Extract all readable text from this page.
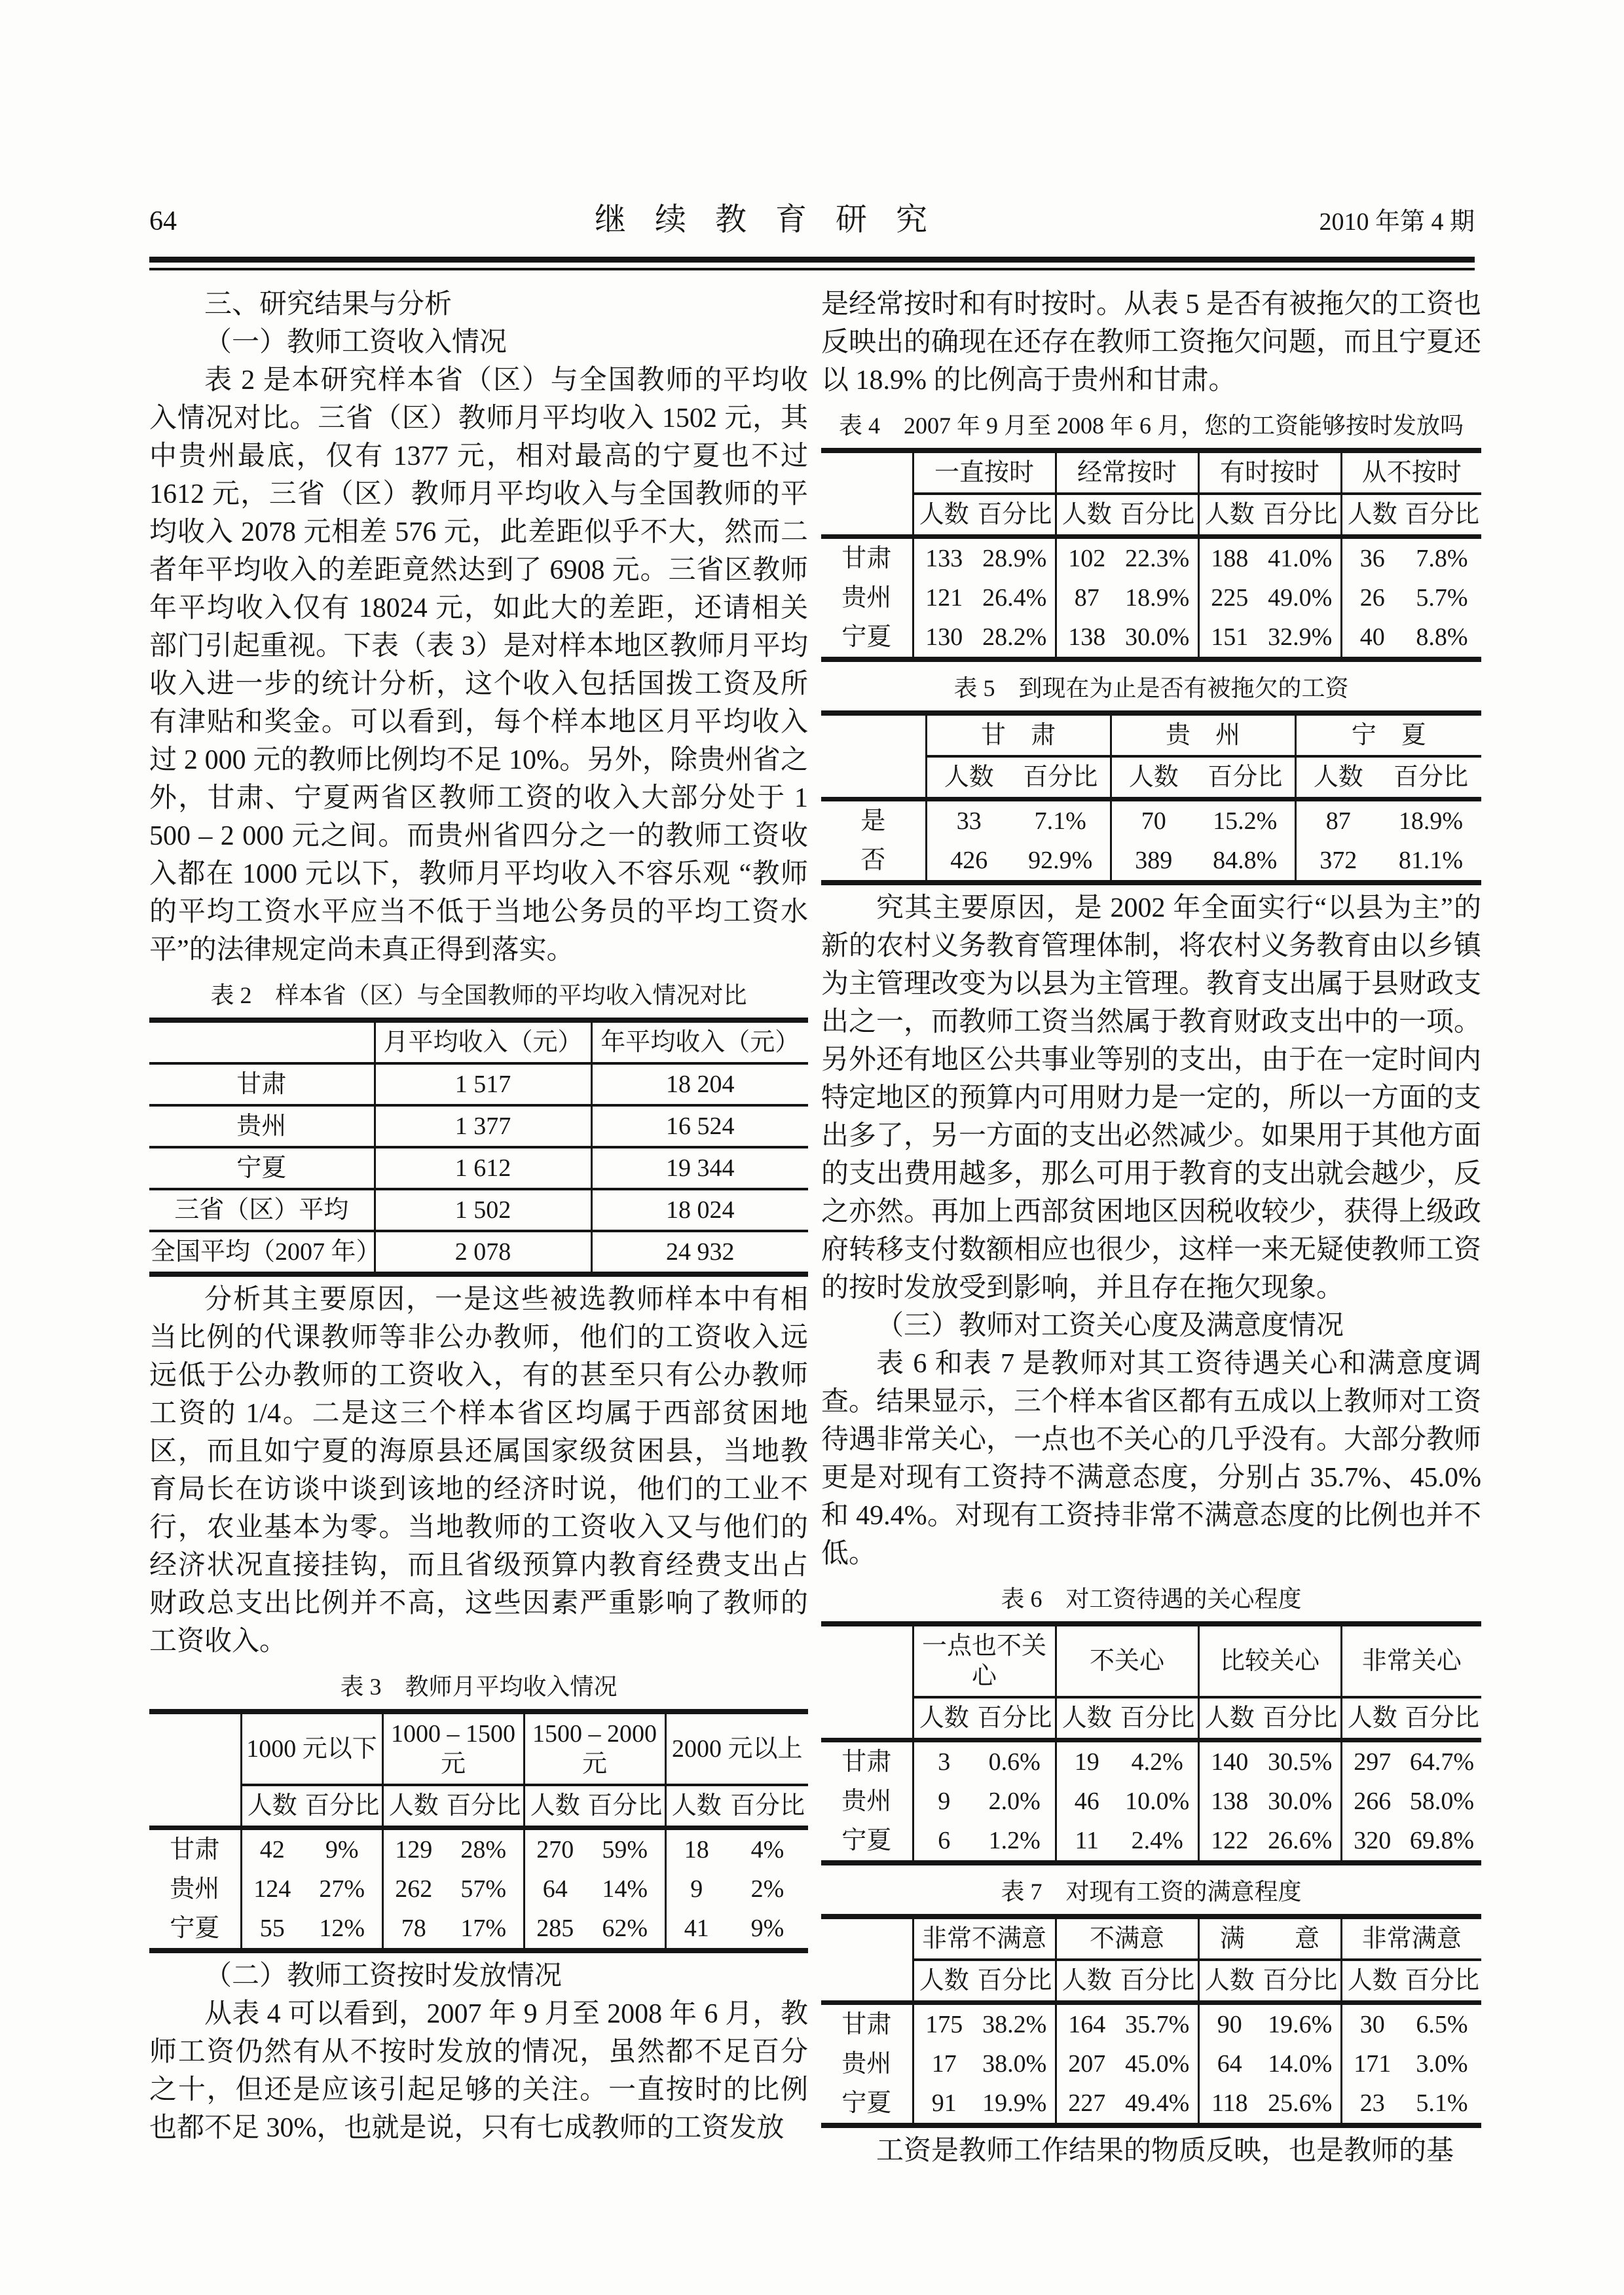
64	继 续 教 育 研 究	2010 年第 4 期

三、研究结果与分析

（一）教师工资收入情况

表 2 是本研究样本省（区）与全国教师的平均收入情况对比。三省（区）教师月平均收入 1502 元，其中贵州最底，仅有 1377 元，相对最高的宁夏也不过 1612 元，三省（区）教师月平均收入与全国教师的平均收入 2078 元相差 576 元，此差距似乎不大，然而二者年平均收入的差距竟然达到了 6908 元。三省区教师年平均收入仅有 18024 元，如此大的差距，还请相关部门引起重视。下表（表 3）是对样本地区教师月平均收入进一步的统计分析，这个收入包括国拨工资及所有津贴和奖金。可以看到，每个样本地区月平均收入过 2 000 元的教师比例均不足 10%。另外，除贵州省之外，甘肃、宁夏两省区教师工资的收入大部分处于 1 500 – 2 000 元之间。而贵州省四分之一的教师工资收入都在 1000 元以下，教师月平均收入不容乐观 “教师的平均工资水平应当不低于当地公务员的平均工资水平”的法律规定尚未真正得到落实。

表 2　样本省（区）与全国教师的平均收入情况对比
	月平均收入（元）	年平均收入（元）
甘肃	1 517	18 204
贵州	1 377	16 524
宁夏	1 612	19 344
三省（区）平均	1 502	18 024
全国平均（2007 年）	2 078	24 932

分析其主要原因，一是这些被选教师样本中有相当比例的代课教师等非公办教师，他们的工资收入远远低于公办教师的工资收入，有的甚至只有公办教师工资的 1/4。二是这三个样本省区均属于西部贫困地区，而且如宁夏的海原县还属国家级贫困县，当地教育局长在访谈中谈到该地的经济时说，他们的工业不行，农业基本为零。当地教师的工资收入又与他们的经济状况直接挂钩，而且省级预算内教育经费支出占财政总支出比例并不高，这些因素严重影响了教师的工资收入。

表 3　教师月平均收入情况
	1000 元以下		1000 – 1500 元		1500 – 2000 元		2000 元以上	
	人数	百分比	人数	百分比	人数	百分比	人数	百分比
甘肃	42	9%	129	28%	270	59%	18	4%
贵州	124	27%	262	57%	64	14%	9	2%
宁夏	55	12%	78	17%	285	62%	41	9%

（二）教师工资按时发放情况

从表 4 可以看到，2007 年 9 月至 2008 年 6 月，教师工资仍然有从不按时发放的情况，虽然都不足百分之十，但还是应该引起足够的关注。一直按时的比例也都不足 30%，也就是说，只有七成教师的工资发放

是经常按时和有时按时。从表 5 是否有被拖欠的工资也反映出的确现在还存在教师工资拖欠问题，而且宁夏还以 18.9% 的比例高于贵州和甘肃。

表 4　2007 年 9 月至 2008 年 6 月，您的工资能够按时发放吗
	一直按时		经常按时		有时按时		从不按时	
	人数	百分比	人数	百分比	人数	百分比	人数	百分比
甘肃	133	28.9%	102	22.3%	188	41.0%	36	7.8%
贵州	121	26.4%	87	18.9%	225	49.0%	26	5.7%
宁夏	130	28.2%	138	30.0%	151	32.9%	40	8.8%
表 5　到现在为止是否有被拖欠的工资
	甘　肃		贵　州		宁　夏	
	人数	百分比	人数	百分比	人数	百分比
是	33	7.1%	70	15.2%	87	18.9%
否	426	92.9%	389	84.8%	372	81.1%

究其主要原因，是 2002 年全面实行“以县为主”的新的农村义务教育管理体制，将农村义务教育由以乡镇为主管理改变为以县为主管理。教育支出属于县财政支出之一，而教师工资当然属于教育财政支出中的一项。另外还有地区公共事业等别的支出，由于在一定时间内特定地区的预算内可用财力是一定的，所以一方面的支出多了，另一方面的支出必然减少。如果用于其他方面的支出费用越多，那么可用于教育的支出就会越少，反之亦然。再加上西部贫困地区因税收较少，获得上级政府转移支付数额相应也很少，这样一来无疑使教师工资的按时发放受到影响，并且存在拖欠现象。

（三）教师对工资关心度及满意度情况

表 6 和表 7 是教师对其工资待遇关心和满意度调查。结果显示，三个样本省区都有五成以上教师对工资待遇非常关心，一点也不关心的几乎没有。大部分教师更是对现有工资持不满意态度，分别占 35.7%、45.0% 和 49.4%。对现有工资持非常不满意态度的比例也并不低。

表 6　对工资待遇的关心程度
	一点也不关心		不关心		比较关心		非常关心	
	人数	百分比	人数	百分比	人数	百分比	人数	百分比
甘肃	3	0.6%	19	4.2%	140	30.5%	297	64.7%
贵州	9	2.0%	46	10.0%	138	30.0%	266	58.0%
宁夏	6	1.2%	11	2.4%	122	26.6%	320	69.8%
表 7　对现有工资的满意程度
	非常不满意		不满意		满　　意		非常满意	
	人数	百分比	人数	百分比	人数	百分比	人数	百分比
甘肃	175	38.2%	164	35.7%	90	19.6%	30	6.5%
贵州	17	38.0%	207	45.0%	64	14.0%	171	3.0%
宁夏	91	19.9%	227	49.4%	118	25.6%	23	5.1%

工资是教师工作结果的物质反映，也是教师的基
